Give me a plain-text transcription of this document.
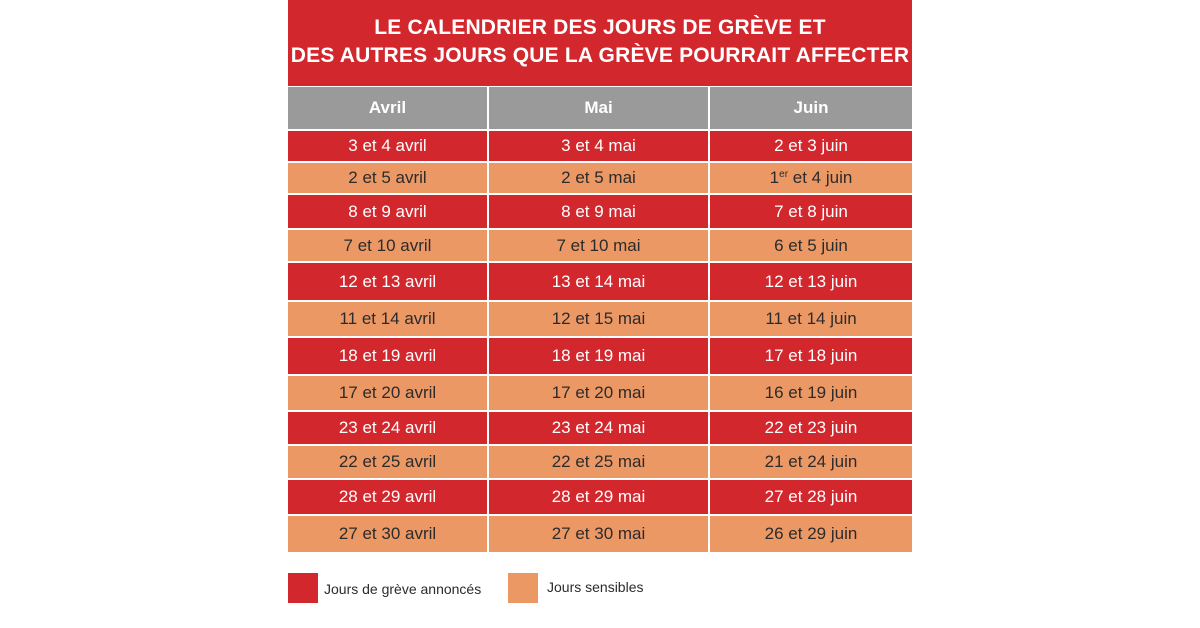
LE CALENDRIER DES JOURS DE GRÈVE ET
DES AUTRES JOURS QUE LA GRÈVE POURRAIT AFFECTER
Avril	Mai	Juin
3 et 4 avril	3 et 4 mai	2 et 3 juin
2 et 5 avril	2 et 5 mai	1er et 4 juin
8 et 9 avril	8 et 9 mai	7 et 8 juin
7 et 10 avril	7 et 10 mai	6 et 5 juin
12 et 13 avril	13 et 14 mai	12 et 13 juin
11 et 14 avril	12 et 15 mai	11 et 14 juin
18 et 19 avril	18 et 19 mai	17 et 18 juin
17 et 20 avril	17 et 20 mai	16 et 19 juin
23 et 24 avril	23 et 24 mai	22 et 23 juin
22 et 25 avril	22 et 25 mai	21 et 24 juin
28 et 29 avril	28 et 29 mai	27 et 28 juin
27 et 30 avril	27 et 30 mai	26 et 29 juin
Jours de grève annoncés	Jours sensibles
